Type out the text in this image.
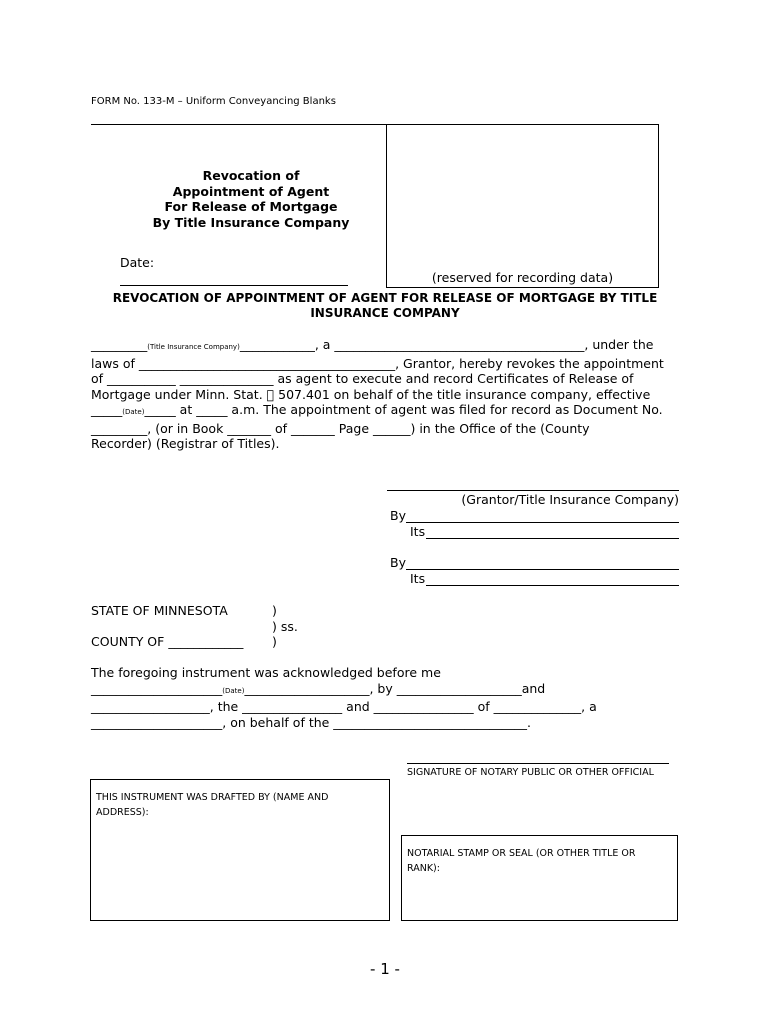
FORM No. 133-M – Uniform Conveyancing Blanks
Revocation of
Appointment of Agent
For Release of Mortgage
By Title Insurance Company
Date:
(reserved for recording data)
REVOCATION OF APPOINTMENT OF AGENT FOR RELEASE OF MORTGAGE BY TITLE INSURANCE COMPANY
_________(Title Insurance Company)____________, a ________________________________________, under the
laws of _________________________________________, Grantor, hereby revokes the appointment
of ___________ _______________ as agent to execute and record Certificates of Release of
Mortgage under Minn. Stat.   507.401 on behalf of the title insurance company, effective
_____(Date)_____ at _____ a.m. The appointment of agent was filed for record as Document No.
_________, (or in Book _______ of _______ Page ______) in the Office of the (County
Recorder) (Registrar of Titles).
(Grantor/Title Insurance Company)
By
Its
By
Its
STATE OF MINNESOTA	)
) ss.
COUNTY OF ____________ )
The foregoing instrument was acknowledged before me
_____________________(Date)____________________, by ____________________and
___________________, the ________________ and ________________ of ______________, a
_____________________, on behalf of the _______________________________.
SIGNATURE OF NOTARY PUBLIC OR OTHER OFFICIAL
THIS INSTRUMENT WAS DRAFTED BY (NAME AND ADDRESS):
NOTARIAL STAMP OR SEAL (OR OTHER TITLE OR RANK):
- 1 -
